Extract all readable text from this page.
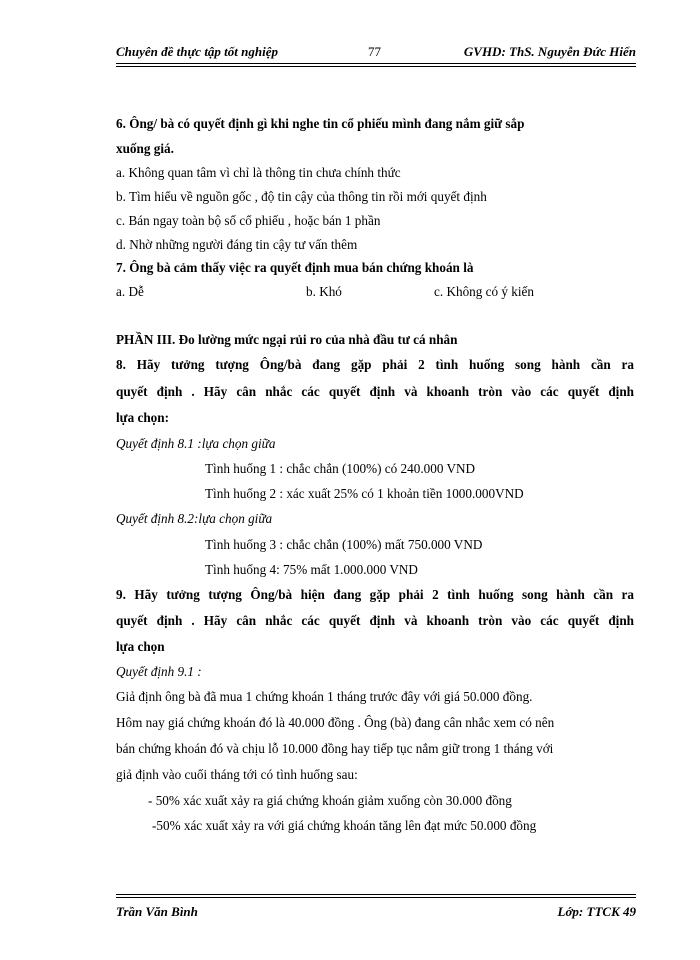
Chuyên đề thực tập tốt nghiệp	77	GVHD: ThS. Nguyễn Đức Hiển
6. Ông/ bà có quyết định gì khi nghe tin cổ phiếu mình đang nắm giữ sắp
xuống giá.
a. Không quan tâm vì chỉ là thông tin chưa chính thức
b. Tìm hiểu về nguồn gốc , độ tin cậy của thông tin rồi mới quyết định
c. Bán ngay toàn bộ số cổ phiếu , hoặc bán 1 phần
d. Nhờ những người đáng tin cậy tư vấn thêm
7. Ông bà cảm thấy việc ra quyết định mua bán chứng khoán là
a. Dễ	b. Khó	c. Không có ý kiến
PHẦN III. Đo lường mức ngại rủi ro của nhà đầu tư cá nhân
8. Hãy tưởng tượng Ông/bà đang gặp phải 2 tình huống song hành cần ra
quyết định . Hãy cân nhắc các quyết định và khoanh tròn vào các quyết định
lựa chọn:
Quyết định 8.1 :lựa chọn giữa
Tình huống 1 : chắc chắn (100%) có 240.000 VND
Tình huống 2 : xác xuất 25% có 1 khoản tiền 1000.000VND
Quyết định 8.2:lựa chọn giữa
Tình huống 3 : chắc chắn (100%) mất 750.000 VND
Tình huống 4: 75% mất 1.000.000 VND
9. Hãy tưởng tượng Ông/bà hiện đang gặp phải 2 tình huống song hành cần ra
quyết định . Hãy cân nhắc các quyết định và khoanh tròn vào các quyết định
lựa chọn
Quyết định 9.1 :
Giả định ông bà đã mua 1 chứng khoán 1 tháng trước đây với giá 50.000 đồng.
Hôm nay giá chứng khoán đó là 40.000 đồng . Ông (bà) đang cân nhắc xem có nên
bán chứng khoán đó và chịu lỗ 10.000 đồng hay tiếp tục nắm giữ trong 1 tháng với
giả định vào cuối tháng tới có tình huống sau:
- 50% xác xuất xảy ra giá chứng khoán giảm xuống còn 30.000 đồng
-50% xác xuất xảy ra với giá chứng khoán tăng lên đạt mức 50.000 đồng
Trần Văn Bình	Lớp: TTCK 49
